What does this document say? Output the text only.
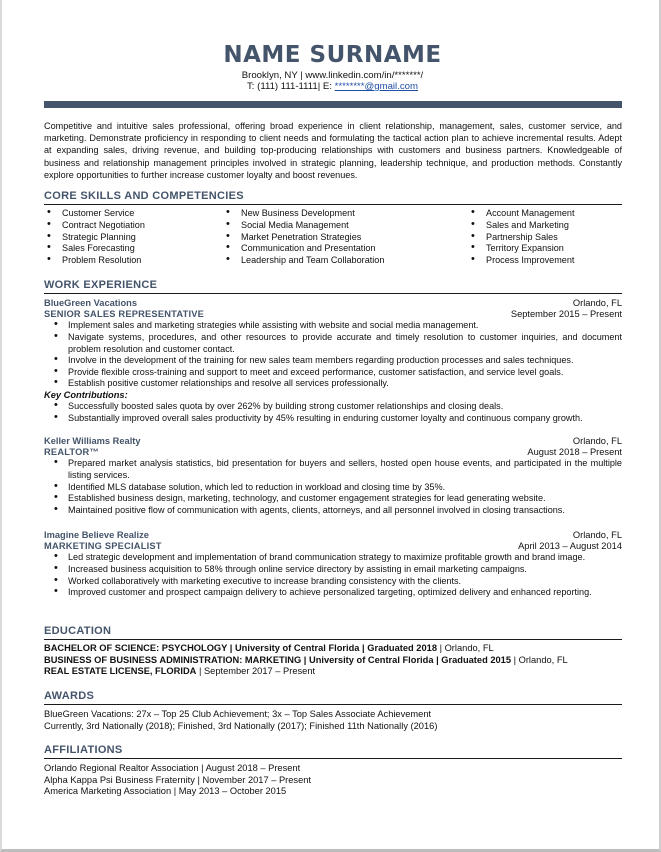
NAME SURNAME
Brooklyn, NY | www.linkedin.com/in/*******/
T: (111) 111-1111| E: ********@gmail.com
Competitive and intuitive sales professional, offering broad experience in client relationship, management, sales, customer service, and marketing. Demonstrate proficiency in responding to client needs and formulating the tactical action plan to achieve incremental results. Adept at expanding sales, driving revenue, and building top-producing relationships with customers and business partners. Knowledgeable of business and relationship management principles involved in strategic planning, leadership technique, and production methods. Constantly explore opportunities to further increase customer loyalty and boost revenues.
CORE SKILLS AND COMPETENCIES
• Customer Service
• Contract Negotiation
• Strategic Planning
• Sales Forecasting
• Problem Resolution
• New Business Development
• Social Media Management
• Market Penetration Strategies
• Communication and Presentation
• Leadership and Team Collaboration
• Account Management
• Sales and Marketing
• Partnership Sales
• Territory Expansion
• Process Improvement
WORK EXPERIENCE
BlueGreen Vacations	Orlando, FL
SENIOR SALES REPRESENTATIVE	September 2015 – Present
• Implement sales and marketing strategies while assisting with website and social media management.
• Navigate systems, procedures, and other resources to provide accurate and timely resolution to customer inquiries, and document problem resolution and customer contact.
• Involve in the development of the training for new sales team members regarding production processes and sales techniques.
• Provide flexible cross-training and support to meet and exceed performance, customer satisfaction, and service level goals.
• Establish positive customer relationships and resolve all services professionally.
Key Contributions:
• Successfully boosted sales quota by over 262% by building strong customer relationships and closing deals.
• Substantially improved overall sales productivity by 45% resulting in enduring customer loyalty and continuous company growth.
Keller Williams Realty	Orlando, FL
REALTOR™	August 2018 – Present
• Prepared market analysis statistics, bid presentation for buyers and sellers, hosted open house events, and participated in the multiple listing services.
• Identified MLS database solution, which led to reduction in workload and closing time by 35%.
• Established business design, marketing, technology, and customer engagement strategies for lead generating website.
• Maintained positive flow of communication with agents, clients, attorneys, and all personnel involved in closing transactions.
Imagine Believe Realize	Orlando, FL
MARKETING SPECIALIST	April 2013 – August 2014
• Led strategic development and implementation of brand communication strategy to maximize profitable growth and brand image.
• Increased business acquisition to 58% through online service directory by assisting in email marketing campaigns.
• Worked collaboratively with marketing executive to increase branding consistency with the clients.
• Improved customer and prospect campaign delivery to achieve personalized targeting, optimized delivery and enhanced reporting.
EDUCATION
BACHELOR OF SCIENCE: PSYCHOLOGY | University of Central Florida | Graduated 2018 | Orlando, FL
BUSINESS OF BUSINESS ADMINISTRATION: MARKETING | University of Central Florida | Graduated 2015 | Orlando, FL
REAL ESTATE LICENSE, FLORIDA | September 2017 – Present
AWARDS
BlueGreen Vacations: 27x – Top 25 Club Achievement; 3x – Top Sales Associate Achievement
Currently, 3rd Nationally (2018); Finished, 3rd Nationally (2017); Finished 11th Nationally (2016)
AFFILIATIONS
Orlando Regional Realtor Association | August 2018 – Present
Alpha Kappa Psi Business Fraternity | November 2017 – Present
America Marketing Association | May 2013 – October 2015
